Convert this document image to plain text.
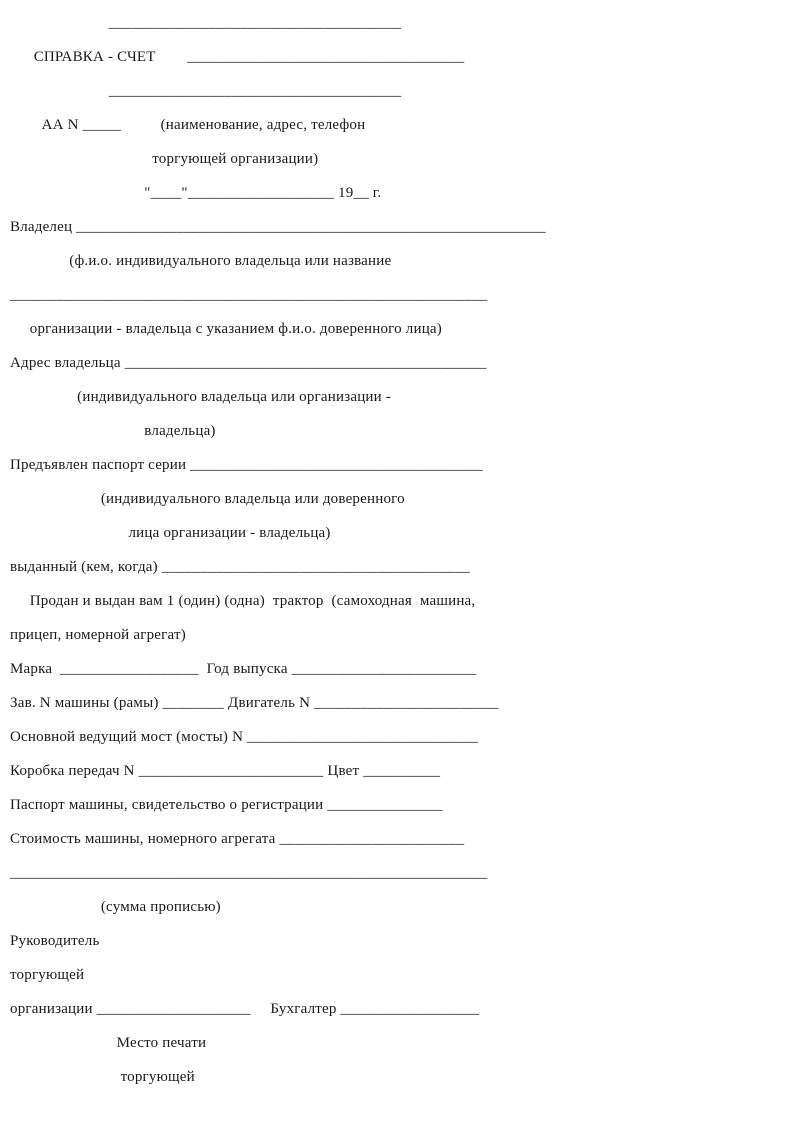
______________________________________
СПРАВКА - СЧЕТ        ____________________________________
______________________________________
АА N _____          (наименование, адрес, телефон
торгующей организации)
"____"___________________ 19__ г.
Владелец _____________________________________________________________
(ф.и.о. индивидуального владельца или название
______________________________________________________________
организации - владельца с указанием ф.и.о. доверенного лица)
Адрес владельца _______________________________________________
(индивидуального владельца или организации -
владельца)
Предъявлен паспорт серии ______________________________________
(индивидуального владельца или доверенного
лица организации - владельца)
выданный (кем, когда) ________________________________________
Продан и выдан вам 1 (один) (одна)  трактор  (самоходная  машина,
прицеп, номерной агрегат)
Марка  __________________  Год выпуска ________________________
Зав. N машины (рамы) ________ Двигатель N ________________________
Основной ведущий мост (мосты) N ______________________________
Коробка передач N ________________________ Цвет __________
Паспорт машины, свидетельство о регистрации _______________
Стоимость машины, номерного агрегата ________________________
______________________________________________________________
(сумма прописью)
Руководитель
торгующей
организации ____________________     Бухгалтер __________________
Место печати
торгующей
